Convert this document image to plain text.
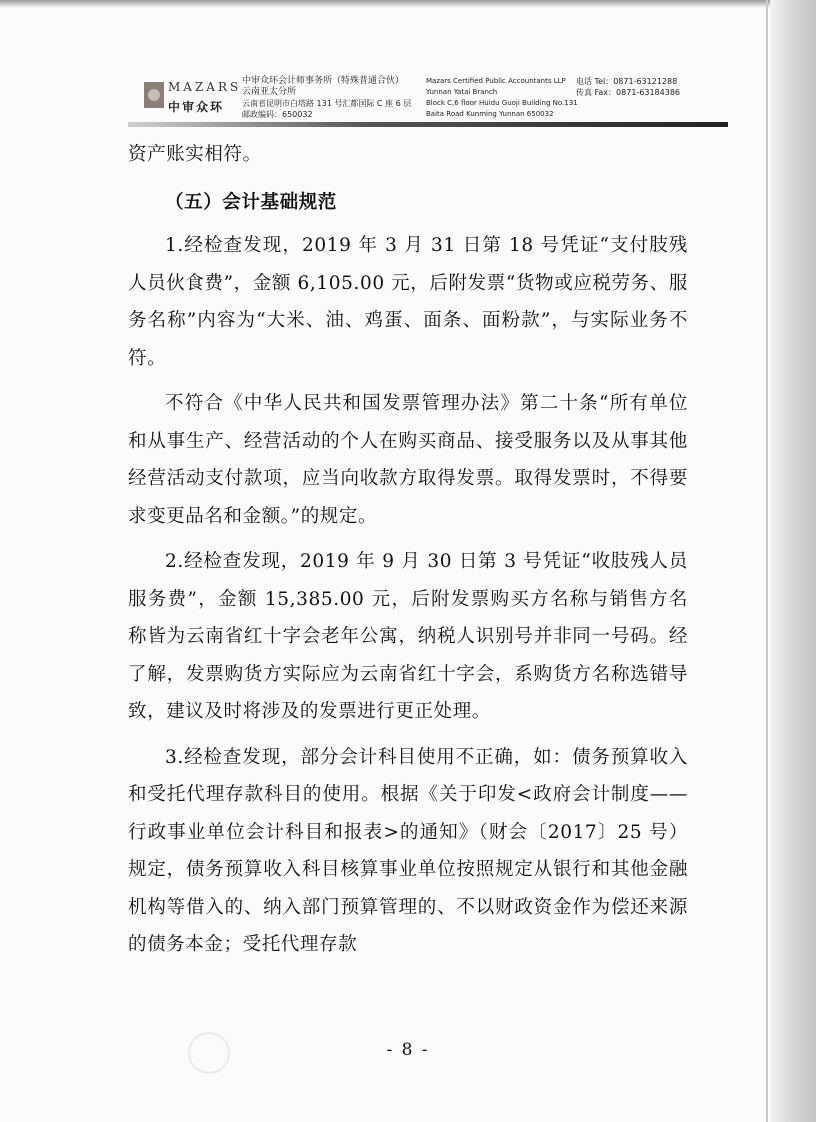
MAZARS
中审众环
中审众环会计师事务所（特殊普通合伙）
云南亚太分所
云南省昆明市白塔路 131 号汇都国际 C 座 6 层
邮政编码：650032
Mazars Certified Public Accountants LLP
Yunnan Yatai Branch
Block C,6 floor Huidu Guoji Building No.131
Baita Road Kunming Yunnan 650032
电话 Tel：0871-63121288
传真 Fax：0871-63184386

资产账实相符。

（五）会计基础规范

1.经检查发现，2019 年 3 月 31 日第 18 号凭证“支付肢残人员伙食费”，金额 6,105.00 元，后附发票“货物或应税劳务、服务名称”内容为“大米、油、鸡蛋、面条、面粉款”，与实际业务不符。

不符合《中华人民共和国发票管理办法》第二十条“所有单位和从事生产、经营活动的个人在购买商品、接受服务以及从事其他经营活动支付款项，应当向收款方取得发票。取得发票时，不得要求变更品名和金额。”的规定。

2.经检查发现，2019 年 9 月 30 日第 3 号凭证“收肢残人员服务费”，金额 15,385.00 元，后附发票购买方名称与销售方名称皆为云南省红十字会老年公寓，纳税人识别号并非同一号码。经了解，发票购货方实际应为云南省红十字会，系购货方名称选错导致，建议及时将涉及的发票进行更正处理。

3.经检查发现，部分会计科目使用不正确，如：债务预算收入和受托代理存款科目的使用。根据《关于印发<政府会计制度——行政事业单位会计科目和报表>的通知》（财会〔2017〕25 号）规定，债务预算收入科目核算事业单位按照规定从银行和其他金融机构等借入的、纳入部门预算管理的、不以财政资金作为偿还来源的债务本金；受托代理存款

- 8 -
